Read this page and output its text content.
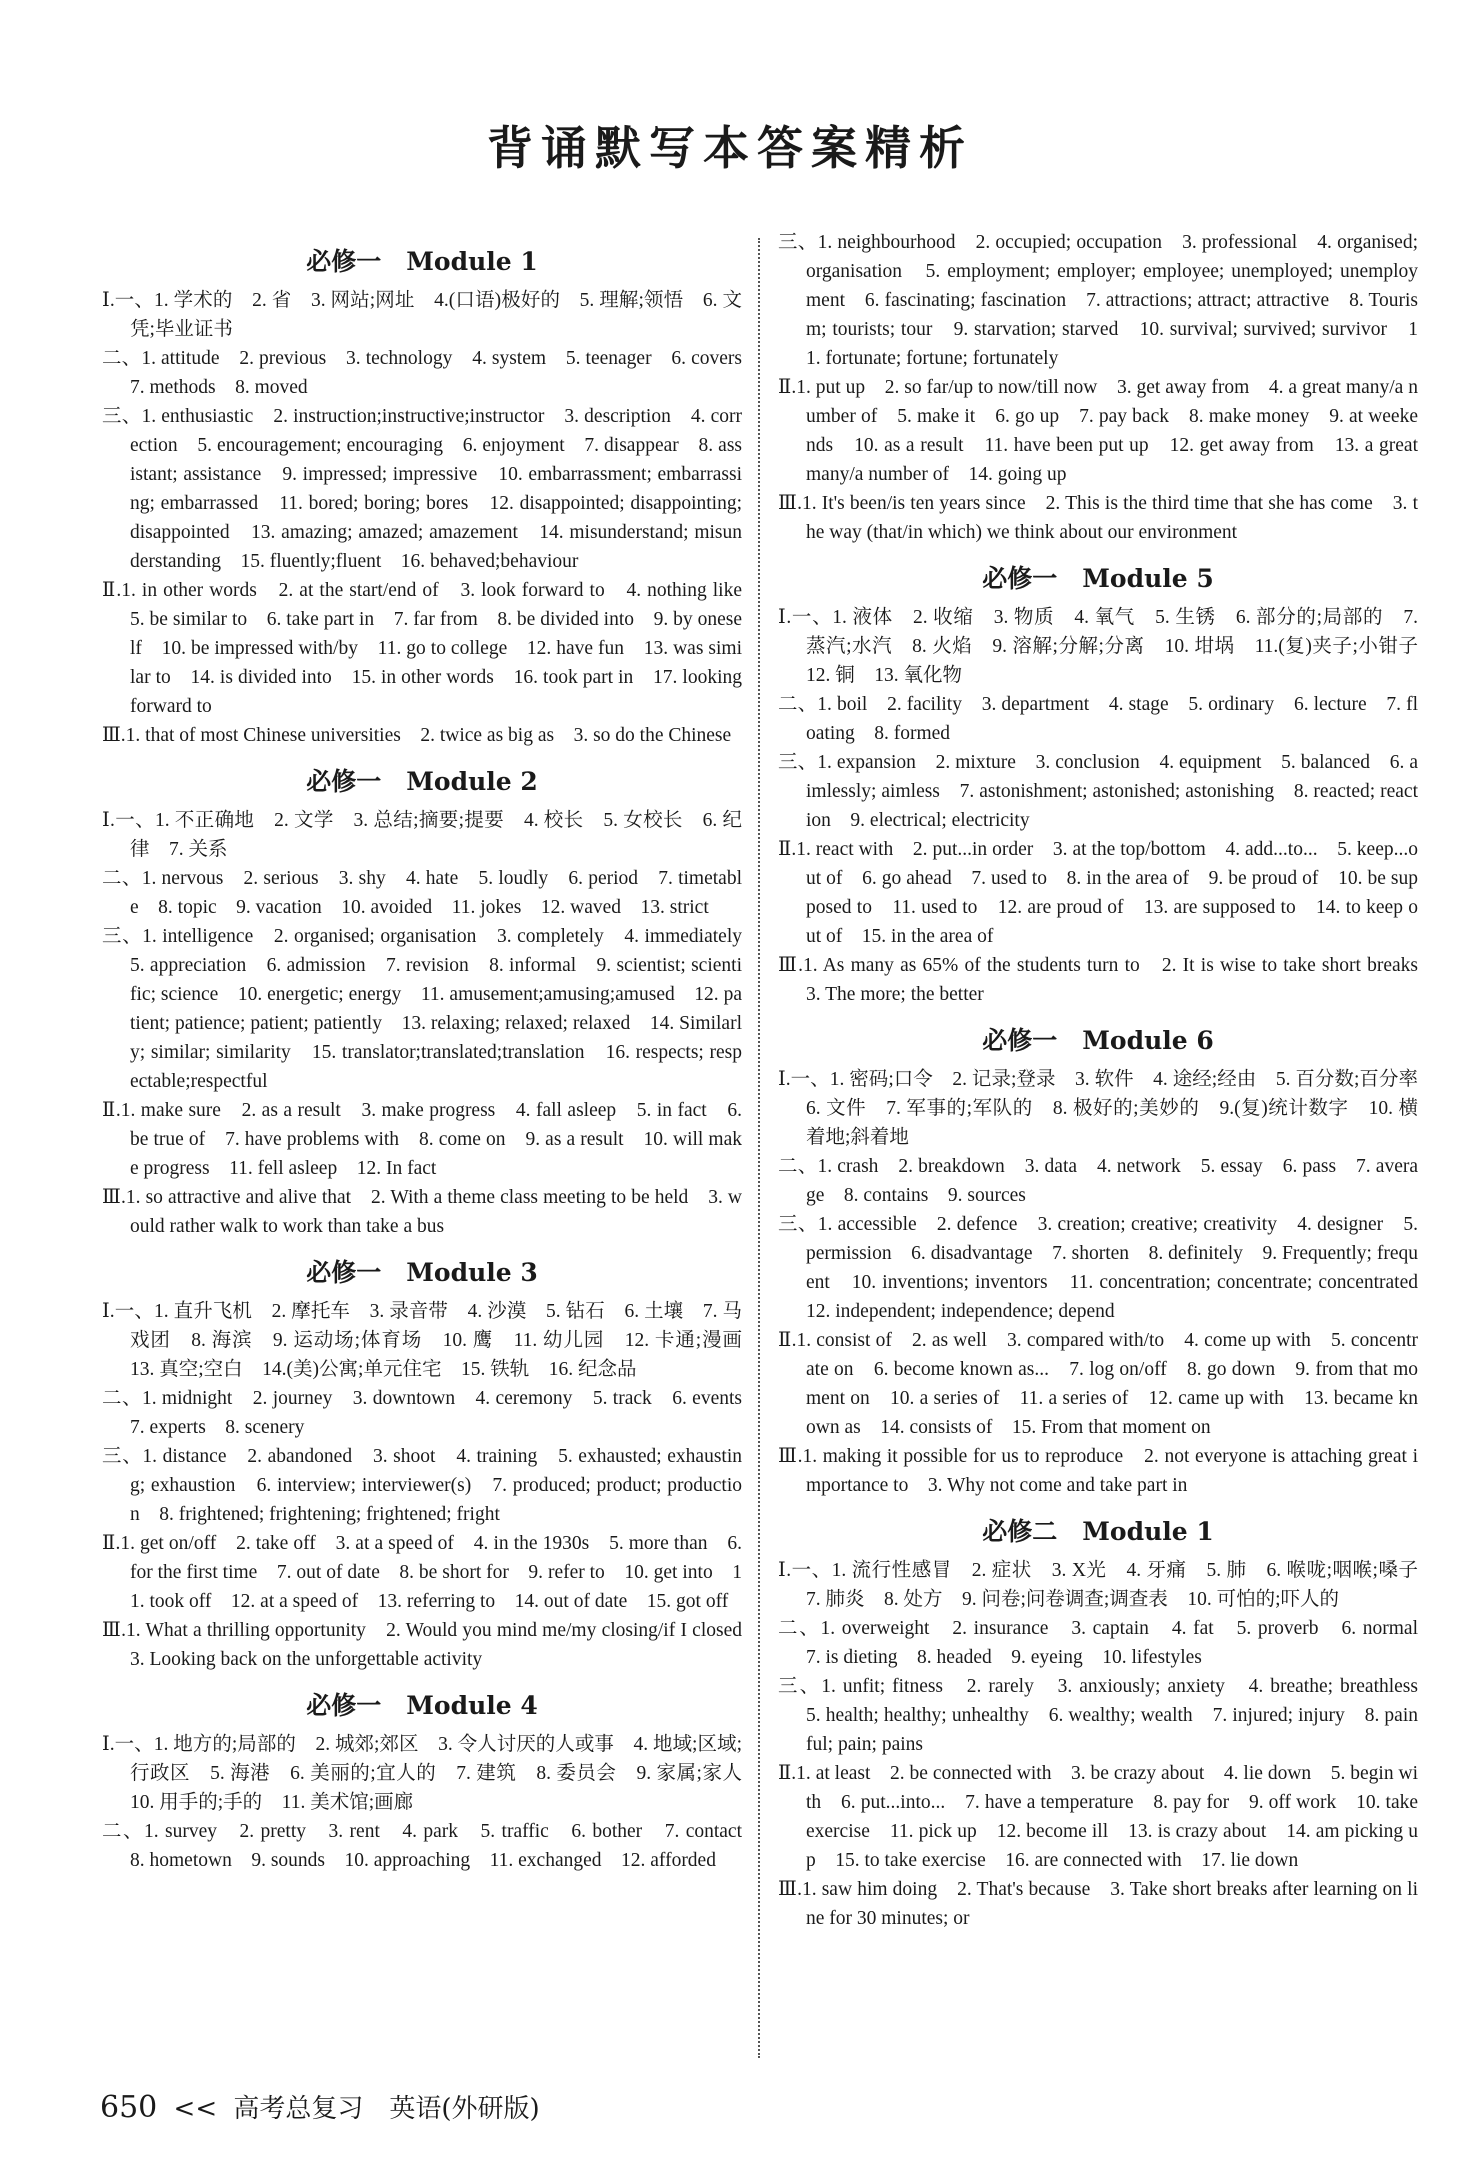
背诵默写本答案精析
必修一　Module 1

Ⅰ.一、1. 学术的　2. 省　3. 网站;网址　4.(口语)极好的　5. 理解;领悟　6. 文凭;毕业证书

二、1. attitude　2. previous　3. technology　4. system　5. teenager　6. covers　7. methods　8. moved

三、1. enthusiastic　2. instruction;instructive;instructor　3. description　4. correction　5. encouragement; encouraging　6. enjoyment　7. disappear　8. assistant; assistance　9. impressed; impressive　10. embarrassment; embarrassing; embarrassed　11. bored; boring; bores　12. disappointed; disappointing; disappointed　13. amazing; amazed; amazement　14. misunderstand; misunderstanding　15. fluently;fluent　16. behaved;behaviour

Ⅱ.1. in other words　2. at the start/end of　3. look forward to　4. nothing like　5. be similar to　6. take part in　7. far from　8. be divided into　9. by oneself　10. be impressed with/by　11. go to college　12. have fun　13. was similar to　14. is divided into　15. in other words　16. took part in　17. looking forward to

Ⅲ.1. that of most Chinese universities　2. twice as big as　3. so do the Chinese

必修一　Module 2

Ⅰ.一、1. 不正确地　2. 文学　3. 总结;摘要;提要　4. 校长　5. 女校长　6. 纪律　7. 关系

二、1. nervous　2. serious　3. shy　4. hate　5. loudly　6. period　7. timetable　8. topic　9. vacation　10. avoided　11. jokes　12. waved　13. strict

三、1. intelligence　2. organised; organisation　3. completely　4. immediately　5. appreciation　6. admission　7. revision　8. informal　9. scientist; scientific; science　10. energetic; energy　11. amusement;amusing;amused　12. patient; patience; patient; patiently　13. relaxing; relaxed; relaxed　14. Similarly; similar; similarity　15. translator;translated;translation　16. respects; respectable;respectful

Ⅱ.1. make sure　2. as a result　3. make progress　4. fall asleep　5. in fact　6. be true of　7. have problems with　8. come on　9. as a result　10. will make progress　11. fell asleep　12. In fact

Ⅲ.1. so attractive and alive that　2. With a theme class meeting to be held　3. would rather walk to work than take a bus

必修一　Module 3

Ⅰ.一、1. 直升飞机　2. 摩托车　3. 录音带　4. 沙漠　5. 钻石　6. 土壤　7. 马戏团　8. 海滨　9. 运动场;体育场　10. 鹰　11. 幼儿园　12. 卡通;漫画　13. 真空;空白　14.(美)公寓;单元住宅　15. 铁轨　16. 纪念品

二、1. midnight　2. journey　3. downtown　4. ceremony　5. track　6. events　7. experts　8. scenery

三、1. distance　2. abandoned　3. shoot　4. training　5. exhausted; exhausting; exhaustion　6. interview; interviewer(s)　7. produced; product; production　8. frightened; frightening; frightened; fright

Ⅱ.1. get on/off　2. take off　3. at a speed of　4. in the 1930s　5. more than　6. for the first time　7. out of date　8. be short for　9. refer to　10. get into　11. took off　12. at a speed of　13. referring to　14. out of date　15. got off

Ⅲ.1. What a thrilling opportunity　2. Would you mind me/my closing/if I closed　3. Looking back on the unforgettable activity

必修一　Module 4

Ⅰ.一、1. 地方的;局部的　2. 城郊;郊区　3. 令人讨厌的人或事　4. 地域;区域;行政区　5. 海港　6. 美丽的;宜人的　7. 建筑　8. 委员会　9. 家属;家人　10. 用手的;手的　11. 美术馆;画廊

二、1. survey　2. pretty　3. rent　4. park　5. traffic　6. bother　7. contact　8. hometown　9. sounds　10. approaching　11. exchanged　12. afforded

三、1. neighbourhood　2. occupied; occupation　3. professional　4. organised; organisation　5. employment; employer; employee; unemployed; unemployment　6. fascinating; fascination　7. attractions; attract; attractive　8. Tourism; tourists; tour　9. starvation; starved　10. survival; survived; survivor　11. fortunate; fortune; fortunately

Ⅱ.1. put up　2. so far/up to now/till now　3. get away from　4. a great many/a number of　5. make it　6. go up　7. pay back　8. make money　9. at weekends　10. as a result　11. have been put up　12. get away from　13. a great many/a number of　14. going up

Ⅲ.1. It's been/is ten years since　2. This is the third time that she has come　3. the way (that/in which) we think about our environment

必修一　Module 5

Ⅰ.一、1. 液体　2. 收缩　3. 物质　4. 氧气　5. 生锈　6. 部分的;局部的　7. 蒸汽;水汽　8. 火焰　9. 溶解;分解;分离　10. 坩埚　11.(复)夹子;小钳子　12. 铜　13. 氧化物

二、1. boil　2. facility　3. department　4. stage　5. ordinary　6. lecture　7. floating　8. formed

三、1. expansion　2. mixture　3. conclusion　4. equipment　5. balanced　6. aimlessly; aimless　7. astonishment; astonished; astonishing　8. reacted; reaction　9. electrical; electricity

Ⅱ.1. react with　2. put...in order　3. at the top/bottom　4. add...to...　5. keep...out of　6. go ahead　7. used to　8. in the area of　9. be proud of　10. be supposed to　11. used to　12. are proud of　13. are supposed to　14. to keep out of　15. in the area of

Ⅲ.1. As many as 65% of the students turn to　2. It is wise to take short breaks　3. The more; the better

必修一　Module 6

Ⅰ.一、1. 密码;口令　2. 记录;登录　3. 软件　4. 途经;经由　5. 百分数;百分率　6. 文件　7. 军事的;军队的　8. 极好的;美妙的　9.(复)统计数字　10. 横着地;斜着地

二、1. crash　2. breakdown　3. data　4. network　5. essay　6. pass　7. average　8. contains　9. sources

三、1. accessible　2. defence　3. creation; creative; creativity　4. designer　5. permission　6. disadvantage　7. shorten　8. definitely　9. Frequently; frequent　10. inventions; inventors　11. concentration; concentrate; concentrated　12. independent; independence; depend

Ⅱ.1. consist of　2. as well　3. compared with/to　4. come up with　5. concentrate on　6. become known as...　7. log on/off　8. go down　9. from that moment on　10. a series of　11. a series of　12. came up with　13. became known as　14. consists of　15. From that moment on

Ⅲ.1. making it possible for us to reproduce　2. not everyone is attaching great importance to　3. Why not come and take part in

必修二　Module 1

Ⅰ.一、1. 流行性感冒　2. 症状　3. X光　4. 牙痛　5. 肺　6. 喉咙;咽喉;嗓子　7. 肺炎　8. 处方　9. 问卷;问卷调查;调查表　10. 可怕的;吓人的

二、1. overweight　2. insurance　3. captain　4. fat　5. proverb　6. normal　7. is dieting　8. headed　9. eyeing　10. lifestyles

三、1. unfit; fitness　2. rarely　3. anxiously; anxiety　4. breathe; breathless　5. health; healthy; unhealthy　6. wealthy; wealth　7. injured; injury　8. painful; pain; pains

Ⅱ.1. at least　2. be connected with　3. be crazy about　4. lie down　5. begin with　6. put...into...　7. have a temperature　8. pay for　9. off work　10. take exercise　11. pick up　12. become ill　13. is crazy about　14. am picking up　15. to take exercise　16. are connected with　17. lie down

Ⅲ.1. saw him doing　2. That's because　3. Take short breaks after learning on line for 30 minutes; or

650 << 高考总复习　英语(外研版)
